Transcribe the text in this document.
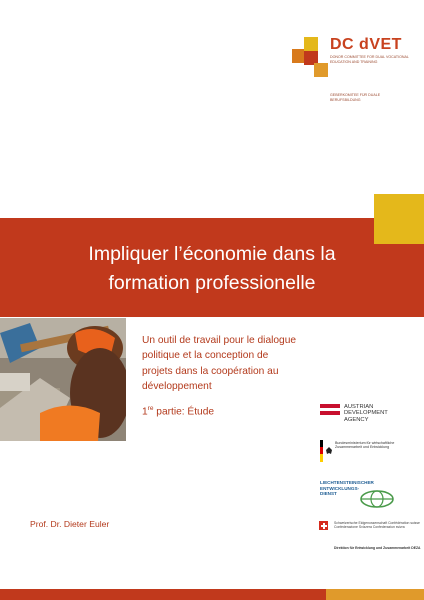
DC dVET
DONOR COMMITTEE FOR DUAL VOCATIONAL EDUCATION AND TRAINING
GEBERKOMITEE FÜR DUALE BERUFSBILDUNG
Impliquer l’économie dans la
formation professionelle
Un outil de travail pour le dialogue
politique et la conception de
projets dans la coopération au
développement
1re partie: Étude
Prof. Dr. Dieter Euler
AUSTRIAN
DEVELOPMENT
AGENCY
Bundesministerium für wirtschaftliche Zusammenarbeit und Entwicklung
LIECHTENSTEINISCHER
ENTWICKLUNGS-
DIENST
Schweizerische Eidgenossenschaft Confédération suisse Confederazione Svizzera Confederaziun svizra
Direktion für Entwicklung und Zusammenarbeit DEZA
